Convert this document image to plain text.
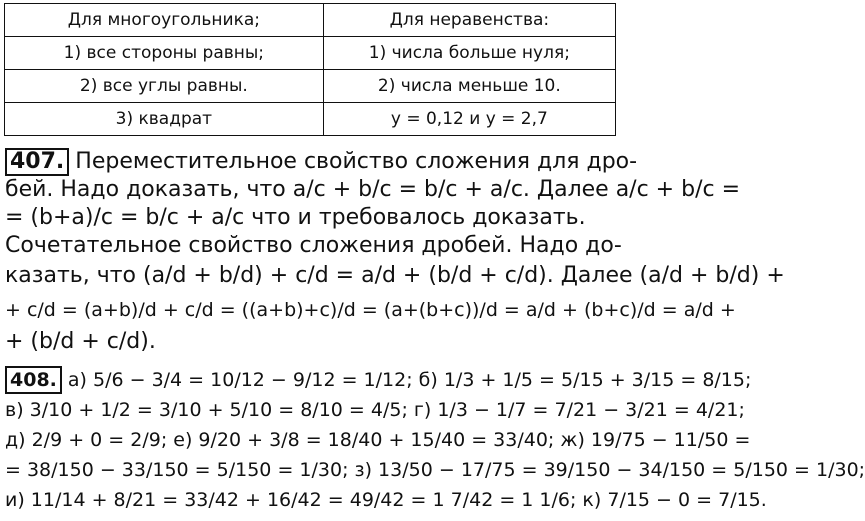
Для многоугольника;	Для неравенства:
1) все стороны равны;	1) числа больше нуля;
2) все углы равны.	2) числа меньше 10.
3) квадрат	y = 0,12 и y = 2,7
407. Переместительное свойство сложения для дро-
бей. Надо доказать, что a/c + b/c = b/c + a/c. Далее a/c + b/c =
= (b+a)/c = b/c + a/c что и требовалось доказать.
Сочетательное свойство сложения дробей. Надо до-
казать, что (a/d + b/d) + c/d = a/d + (b/d + c/d). Далее (a/d + b/d) +
+ c/d = (a+b)/d + c/d = ((a+b)+c)/d = (a+(b+c))/d = a/d + (b+c)/d = a/d +
+ (b/d + c/d).
408. а) 5/6 − 3/4 = 10/12 − 9/12 = 1/12; б) 1/3 + 1/5 = 5/15 + 3/15 = 8/15;
в) 3/10 + 1/2 = 3/10 + 5/10 = 8/10 = 4/5; г) 1/3 − 1/7 = 7/21 − 3/21 = 4/21;
д) 2/9 + 0 = 2/9; е) 9/20 + 3/8 = 18/40 + 15/40 = 33/40; ж) 19/75 − 11/50 =
= 38/150 − 33/150 = 5/150 = 1/30; з) 13/50 − 17/75 = 39/150 − 34/150 = 5/150 = 1/30;
и) 11/14 + 8/21 = 33/42 + 16/42 = 49/42 = 1 7/42 = 1 1/6; к) 7/15 − 0 = 7/15.
